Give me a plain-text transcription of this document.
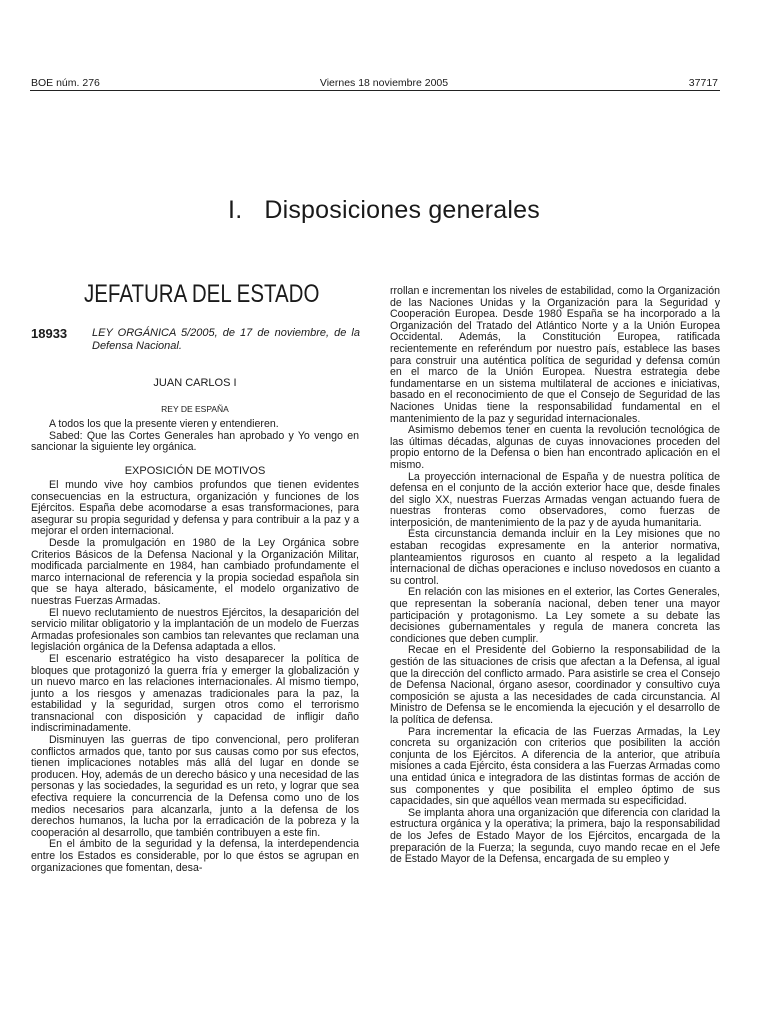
BOE núm. 276	Viernes 18 noviembre 2005	37717
I. Disposiciones generales
JEFATURA DEL ESTADO
18933 LEY ORGÁNICA 5/2005, de 17 de noviembre, de la Defensa Nacional.
JUAN CARLOS I
REY DE ESPAÑA

A todos los que la presente vieren y entendieren.

Sabed: Que las Cortes Generales han aprobado y Yo vengo en sancionar la siguiente ley orgánica.

EXPOSICIÓN DE MOTIVOS

El mundo vive hoy cambios profundos que tienen evidentes consecuencias en la estructura, organización y funciones de los Ejércitos. España debe acomodarse a esas transformaciones, para asegurar su propia seguridad y defensa y para contribuir a la paz y a mejorar el orden internacional.

Desde la promulgación en 1980 de la Ley Orgánica sobre Criterios Básicos de la Defensa Nacional y la Organización Militar, modificada parcialmente en 1984, han cambiado profundamente el marco internacional de referencia y la propia sociedad española sin que se haya alterado, básicamente, el modelo organizativo de nuestras Fuerzas Armadas.

El nuevo reclutamiento de nuestros Ejércitos, la desaparición del servicio militar obligatorio y la implantación de un modelo de Fuerzas Armadas profesionales son cambios tan relevantes que reclaman una legislación orgánica de la Defensa adaptada a ellos.

El escenario estratégico ha visto desaparecer la política de bloques que protagonizó la guerra fría y emerger la globalización y un nuevo marco en las relaciones internacionales. Al mismo tiempo, junto a los riesgos y amenazas tradicionales para la paz, la estabilidad y la seguridad, surgen otros como el terrorismo transnacional con disposición y capacidad de infligir daño indiscriminadamente.

Disminuyen las guerras de tipo convencional, pero proliferan conflictos armados que, tanto por sus causas como por sus efectos, tienen implicaciones notables más allá del lugar en donde se producen. Hoy, además de un derecho básico y una necesidad de las personas y las sociedades, la seguridad es un reto, y lograr que sea efectiva requiere la concurrencia de la Defensa como uno de los medios necesarios para alcanzarla, junto a la defensa de los derechos humanos, la lucha por la erradicación de la pobreza y la cooperación al desarrollo, que también contribuyen a este fin.

En el ámbito de la seguridad y la defensa, la interdependencia entre los Estados es considerable, por lo que éstos se agrupan en organizaciones que fomentan, desa-

rrollan e incrementan los niveles de estabilidad, como la Organización de las Naciones Unidas y la Organización para la Seguridad y Cooperación Europea. Desde 1980 España se ha incorporado a la Organización del Tratado del Atlántico Norte y a la Unión Europea Occidental. Además, la Constitución Europea, ratificada recientemente en referéndum por nuestro país, establece las bases para construir una auténtica política de seguridad y defensa común en el marco de la Unión Europea. Nuestra estrategia debe fundamentarse en un sistema multilateral de acciones e iniciativas, basado en el reconocimiento de que el Consejo de Seguridad de las Naciones Unidas tiene la responsabilidad fundamental en el mantenimiento de la paz y seguridad internacionales.

Asimismo debemos tener en cuenta la revolución tecnológica de las últimas décadas, algunas de cuyas innovaciones proceden del propio entorno de la Defensa o bien han encontrado aplicación en el mismo.

La proyección internacional de España y de nuestra política de defensa en el conjunto de la acción exterior hace que, desde finales del siglo XX, nuestras Fuerzas Armadas vengan actuando fuera de nuestras fronteras como observadores, como fuerzas de interposición, de mantenimiento de la paz y de ayuda humanitaria.

Esta circunstancia demanda incluir en la Ley misiones que no estaban recogidas expresamente en la anterior normativa, planteamientos rigurosos en cuanto al respeto a la legalidad internacional de dichas operaciones e incluso novedosos en cuanto a su control.

En relación con las misiones en el exterior, las Cortes Generales, que representan la soberanía nacional, deben tener una mayor participación y protagonismo. La Ley somete a su debate las decisiones gubernamentales y regula de manera concreta las condiciones que deben cumplir.

Recae en el Presidente del Gobierno la responsabilidad de la gestión de las situaciones de crisis que afectan a la Defensa, al igual que la dirección del conflicto armado. Para asistirle se crea el Consejo de Defensa Nacional, órgano asesor, coordinador y consultivo cuya composición se ajusta a las necesidades de cada circunstancia. Al Ministro de Defensa se le encomienda la ejecución y el desarrollo de la política de defensa.

Para incrementar la eficacia de las Fuerzas Armadas, la Ley concreta su organización con criterios que posibiliten la acción conjunta de los Ejércitos. A diferencia de la anterior, que atribuía misiones a cada Ejército, ésta considera a las Fuerzas Armadas como una entidad única e integradora de las distintas formas de acción de sus componentes y que posibilita el empleo óptimo de sus capacidades, sin que aquéllos vean mermada su especificidad.

Se implanta ahora una organización que diferencia con claridad la estructura orgánica y la operativa; la primera, bajo la responsabilidad de los Jefes de Estado Mayor de los Ejércitos, encargada de la preparación de la Fuerza; la segunda, cuyo mando recae en el Jefe de Estado Mayor de la Defensa, encargada de su empleo y
